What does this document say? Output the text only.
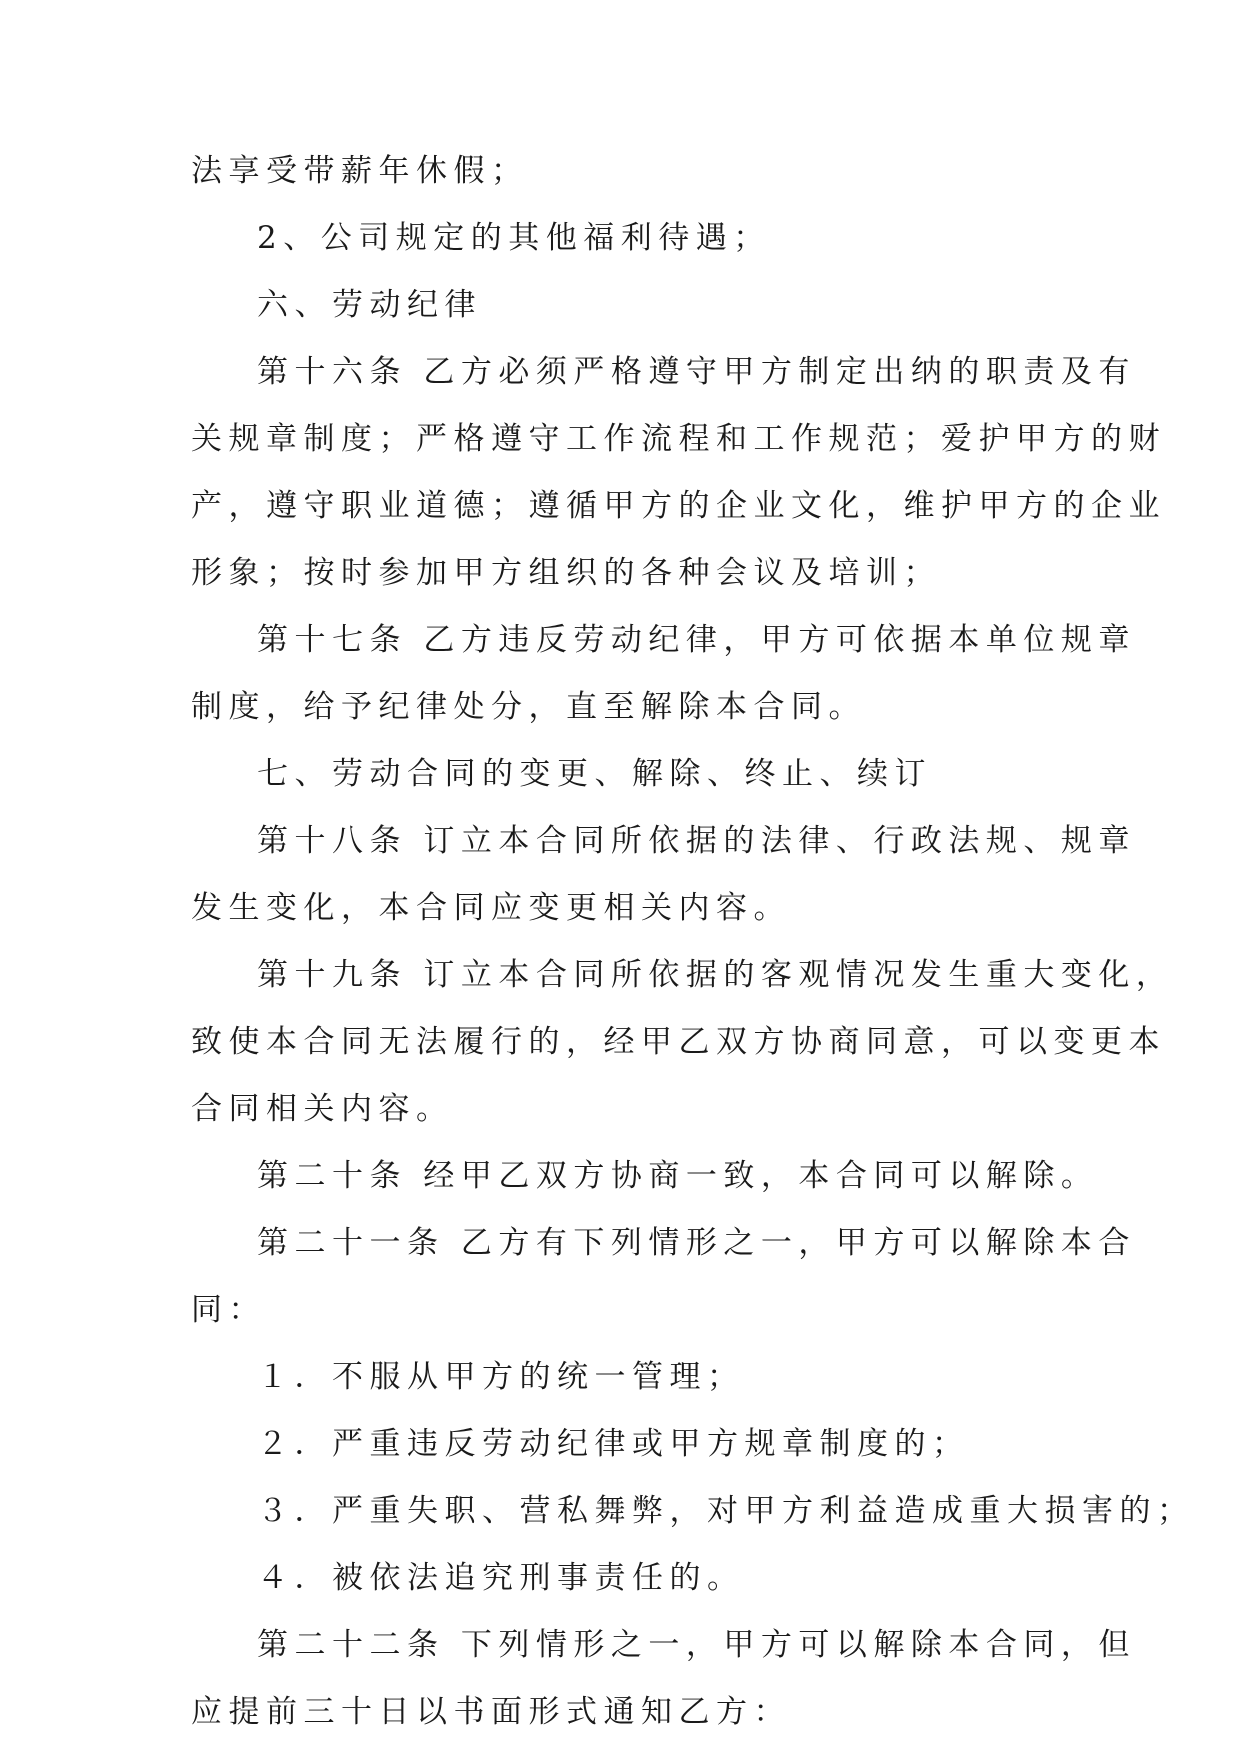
法享受带薪年休假；
2、公司规定的其他福利待遇；
六、劳动纪律
第十六条 乙方必须严格遵守甲方制定出纳的职责及有
关规章制度；严格遵守工作流程和工作规范；爱护甲方的财
产，遵守职业道德；遵循甲方的企业文化，维护甲方的企业
形象；按时参加甲方组织的各种会议及培训；
第十七条 乙方违反劳动纪律，甲方可依据本单位规章
制度，给予纪律处分，直至解除本合同。
七、劳动合同的变更、解除、终止、续订
第十八条 订立本合同所依据的法律、行政法规、规章
发生变化，本合同应变更相关内容。
第十九条 订立本合同所依据的客观情况发生重大变化，
致使本合同无法履行的，经甲乙双方协商同意，可以变更本
合同相关内容。
第二十条 经甲乙双方协商一致，本合同可以解除。
第二十一条 乙方有下列情形之一，甲方可以解除本合
同：
１．不服从甲方的统一管理；
２．严重违反劳动纪律或甲方规章制度的；
３．严重失职、营私舞弊，对甲方利益造成重大损害的；
４．被依法追究刑事责任的。
第二十二条 下列情形之一，甲方可以解除本合同，但
应提前三十日以书面形式通知乙方：
